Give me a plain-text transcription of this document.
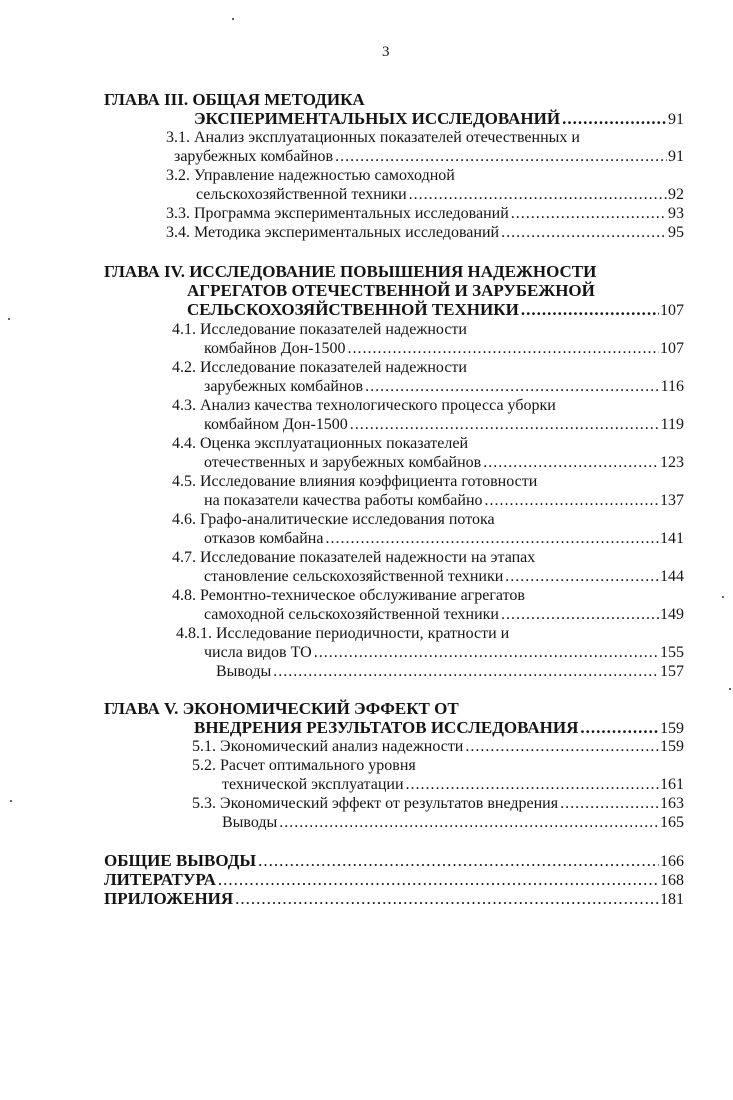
3
ГЛАВА III. ОБЩАЯ МЕТОДИКА
ЭКСПЕРИМЕНТАЛЬНЫХ ИССЛЕДОВАНИЙ .....	91
3.1. Анализ эксплуатационных показателей отечественных и
зарубежных комбайнов .....	91
3.2. Управление надежностью самоходной
сельскохозяйственной техники .....	92
3.3. Программа экспериментальных исследований .....	93
3.4. Методика экспериментальных исследований .....	95
ГЛАВА IV. ИССЛЕДОВАНИЕ ПОВЫШЕНИЯ НАДЕЖНОСТИ
АГРЕГАТОВ ОТЕЧЕСТВЕННОЙ И ЗАРУБЕЖНОЙ
СЕЛЬСКОХОЗЯЙСТВЕННОЙ ТЕХНИКИ .....	107
4.1. Исследование показателей надежности
комбайнов Дон-1500 .....	107
4.2. Исследование показателей надежности
зарубежных комбайнов .....	116
4.3. Анализ качества технологического процесса уборки
комбайном Дон-1500 .....	119
4.4. Оценка эксплуатационных показателей
отечественных и зарубежных комбайнов .....	123
4.5. Исследование влияния коэффициента готовности
на показатели качества работы комбайно .....	137
4.6. Графо-аналитические исследования потока
отказов комбайна .....	141
4.7. Исследование показателей надежности на этапах
становление сельскохозяйственной техники .....	144
4.8. Ремонтно-техническое обслуживание агрегатов
самоходной сельскохозяйственной техники .....	149
4.8.1. Исследование периодичности, кратности и
числа видов ТО .....	155
Выводы .....	157
ГЛАВА V. ЭКОНОМИЧЕСКИЙ ЭФФЕКТ ОТ
ВНЕДРЕНИЯ РЕЗУЛЬТАТОВ ИССЛЕДОВАНИЯ .....	159
5.1. Экономический анализ надежности .....	159
5.2. Расчет оптимального уровня
технической эксплуатации .....	161
5.3. Экономический эффект от результатов внедрения .....	163
Выводы .....	165
ОБЩИЕ ВЫВОДЫ .....	166
ЛИТЕРАТУРА .....	168
ПРИЛОЖЕНИЯ .....	181
